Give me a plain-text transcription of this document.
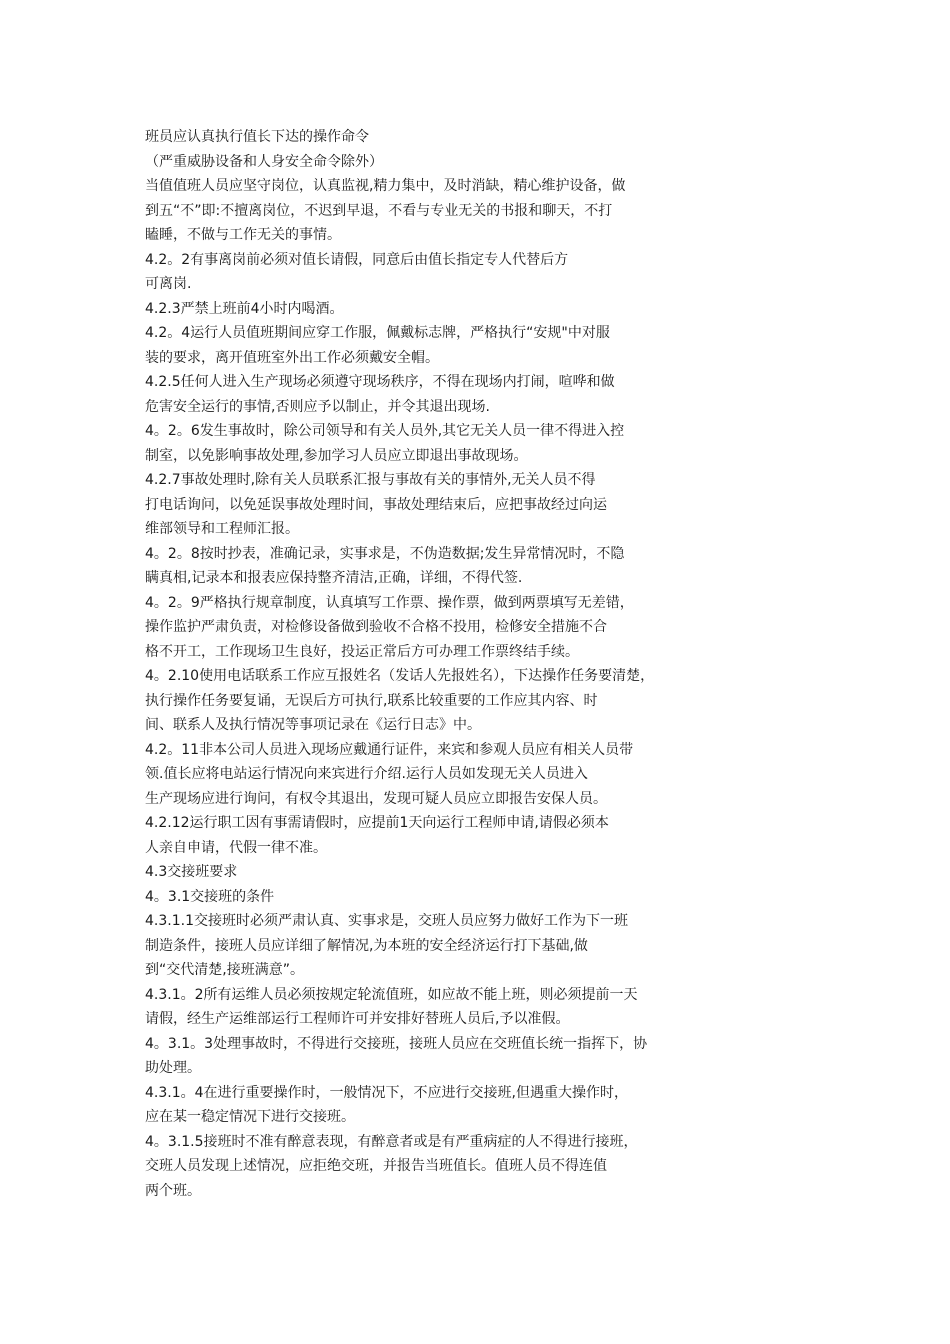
班员应认真执行值长下达的操作命令
（严重威胁设备和人身安全命令除外）
当值值班人员应坚守岗位，认真监视,精力集中，及时消缺，精心维护设备，做
到五“不”即:不擅离岗位，不迟到早退，不看与专业无关的书报和聊天，不打
瞌睡，不做与工作无关的事情。
4.2。2有事离岗前必须对值长请假，同意后由值长指定专人代替后方
可离岗.
4.2.3严禁上班前4小时内喝酒。
4.2。4运行人员值班期间应穿工作服，佩戴标志牌，严格执行“安规"中对服
装的要求，离开值班室外出工作必须戴安全帽。
4.2.5任何人进入生产现场必须遵守现场秩序，不得在现场内打闹，喧哗和做
危害安全运行的事情,否则应予以制止，并令其退出现场.
4。2。6发生事故时，除公司领导和有关人员外,其它无关人员一律不得进入控
制室，以免影响事故处理,参加学习人员应立即退出事故现场。
4.2.7事故处理时,除有关人员联系汇报与事故有关的事情外,无关人员不得
打电话询问，以免延误事故处理时间，事故处理结束后，应把事故经过向运
维部领导和工程师汇报。
4。2。8按时抄表，准确记录，实事求是，不伪造数据;发生异常情况时，不隐
瞒真相,记录本和报表应保持整齐清洁,正确，详细，不得代签.
4。2。9严格执行规章制度，认真填写工作票、操作票，做到两票填写无差错，
操作监护严肃负责，对检修设备做到验收不合格不投用，检修安全措施不合
格不开工，工作现场卫生良好，投运正常后方可办理工作票终结手续。
4。2.10使用电话联系工作应互报姓名（发话人先报姓名），下达操作任务要清楚，
执行操作任务要复诵，无误后方可执行,联系比较重要的工作应其内容、时
间、联系人及执行情况等事项记录在《运行日志》中。
4.2。11非本公司人员进入现场应戴通行证件，来宾和参观人员应有相关人员带
领.值长应将电站运行情况向来宾进行介绍.运行人员如发现无关人员进入
生产现场应进行询问，有权令其退出，发现可疑人员应立即报告安保人员。
4.2.12运行职工因有事需请假时，应提前1天向运行工程师申请,请假必须本
人亲自申请，代假一律不准。
4.3交接班要求
4。3.1交接班的条件
4.3.1.1交接班时必须严肃认真、实事求是，交班人员应努力做好工作为下一班
制造条件，接班人员应详细了解情况,为本班的安全经济运行打下基础,做
到“交代清楚,接班满意”。
4.3.1。2所有运维人员必须按规定轮流值班，如应故不能上班，则必须提前一天
请假，经生产运维部运行工程师许可并安排好替班人员后,予以准假。
4。3.1。3处理事故时，不得进行交接班，接班人员应在交班值长统一指挥下，协
助处理。
4.3.1。4在进行重要操作时，一般情况下，不应进行交接班,但遇重大操作时，
应在某一稳定情况下进行交接班。
4。3.1.5接班时不准有醉意表现，有醉意者或是有严重病症的人不得进行接班，
交班人员发现上述情况，应拒绝交班，并报告当班值长。值班人员不得连值
两个班。
